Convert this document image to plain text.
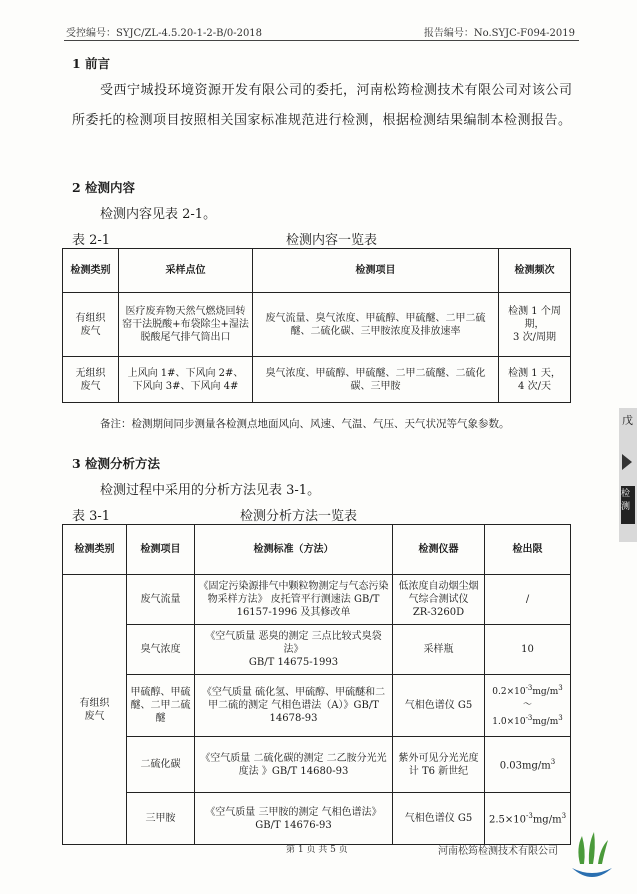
受控编号：SYJC/ZL-4.5.20-1-2-B/0-2018	报告编号：No.SYJC-F094-2019
1 前言
受西宁城投环境资源开发有限公司的委托，河南松筠检测技术有限公司对该公司所委托的检测项目按照相关国家标准规范进行检测，根据检测结果编制本检测报告。
2 检测内容
检测内容见表 2-1。
表 2-1	检测内容一览表
检测类别	采样点位	检测项目	检测频次
有组织
废气	医疗废弃物天然气燃烧回转窑干法脱酸+布袋除尘+湿法脱酸尾气排气筒出口	废气流量、臭气浓度、甲硫醇、甲硫醚、二甲二硫醚、二硫化碳、三甲胺浓度及排放速率	检测 1 个周期，
3 次/周期
无组织
废气	上风向 1#、下风向 2#、
下风向 3#、下风向 4#	臭气浓度、甲硫醇、甲硫醚、二甲二硫醚、二硫化碳、三甲胺	检测 1 天，
4 次/天
备注：检测期间同步测量各检测点地面风向、风速、气温、气压、天气状况等气象参数。
3 检测分析方法
检测过程中采用的分析方法见表 3-1。
表 3-1	检测分析方法一览表
检测类别	检测项目	检测标准（方法）	检测仪器	检出限
有组织
废气	废气流量	《固定污染源排气中颗粒物测定与气态污染物采样方法》 皮托管平行测速法 GB/T 16157-1996 及其修改单	低浓度自动烟尘烟气综合测试仪
ZR-3260D	/
	臭气浓度	《空气质量 恶臭的测定 三点比较式臭袋法》
GB/T 14675-1993	采样瓶	10
	甲硫醇、甲硫醚、二甲二硫醚	《空气质量 硫化氢、甲硫醇、甲硫醚和二甲二硫的测定 气相色谱法（A）》GB/T 14678-93	气相色谱仪 G5	$0.2\times 10^{-3}mg/m^3\sim$
$1.0\times 10^{-3}mg/m^3$
	二硫化碳	《空气质量 二硫化碳的测定 二乙胺分光光度法 》GB/T 14680-93	紫外可见分光光度计 T6 新世纪	$0.03mg/m^3$
	三甲胺	《空气质量 三甲胺的测定 气相色谱法》GB/T 14676-93	气相色谱仪 G5	$2.5\times 10^{-3}mg/m^3$
第 1 页 共 5 页	河南松筠检测技术有限公司
戊
检测
